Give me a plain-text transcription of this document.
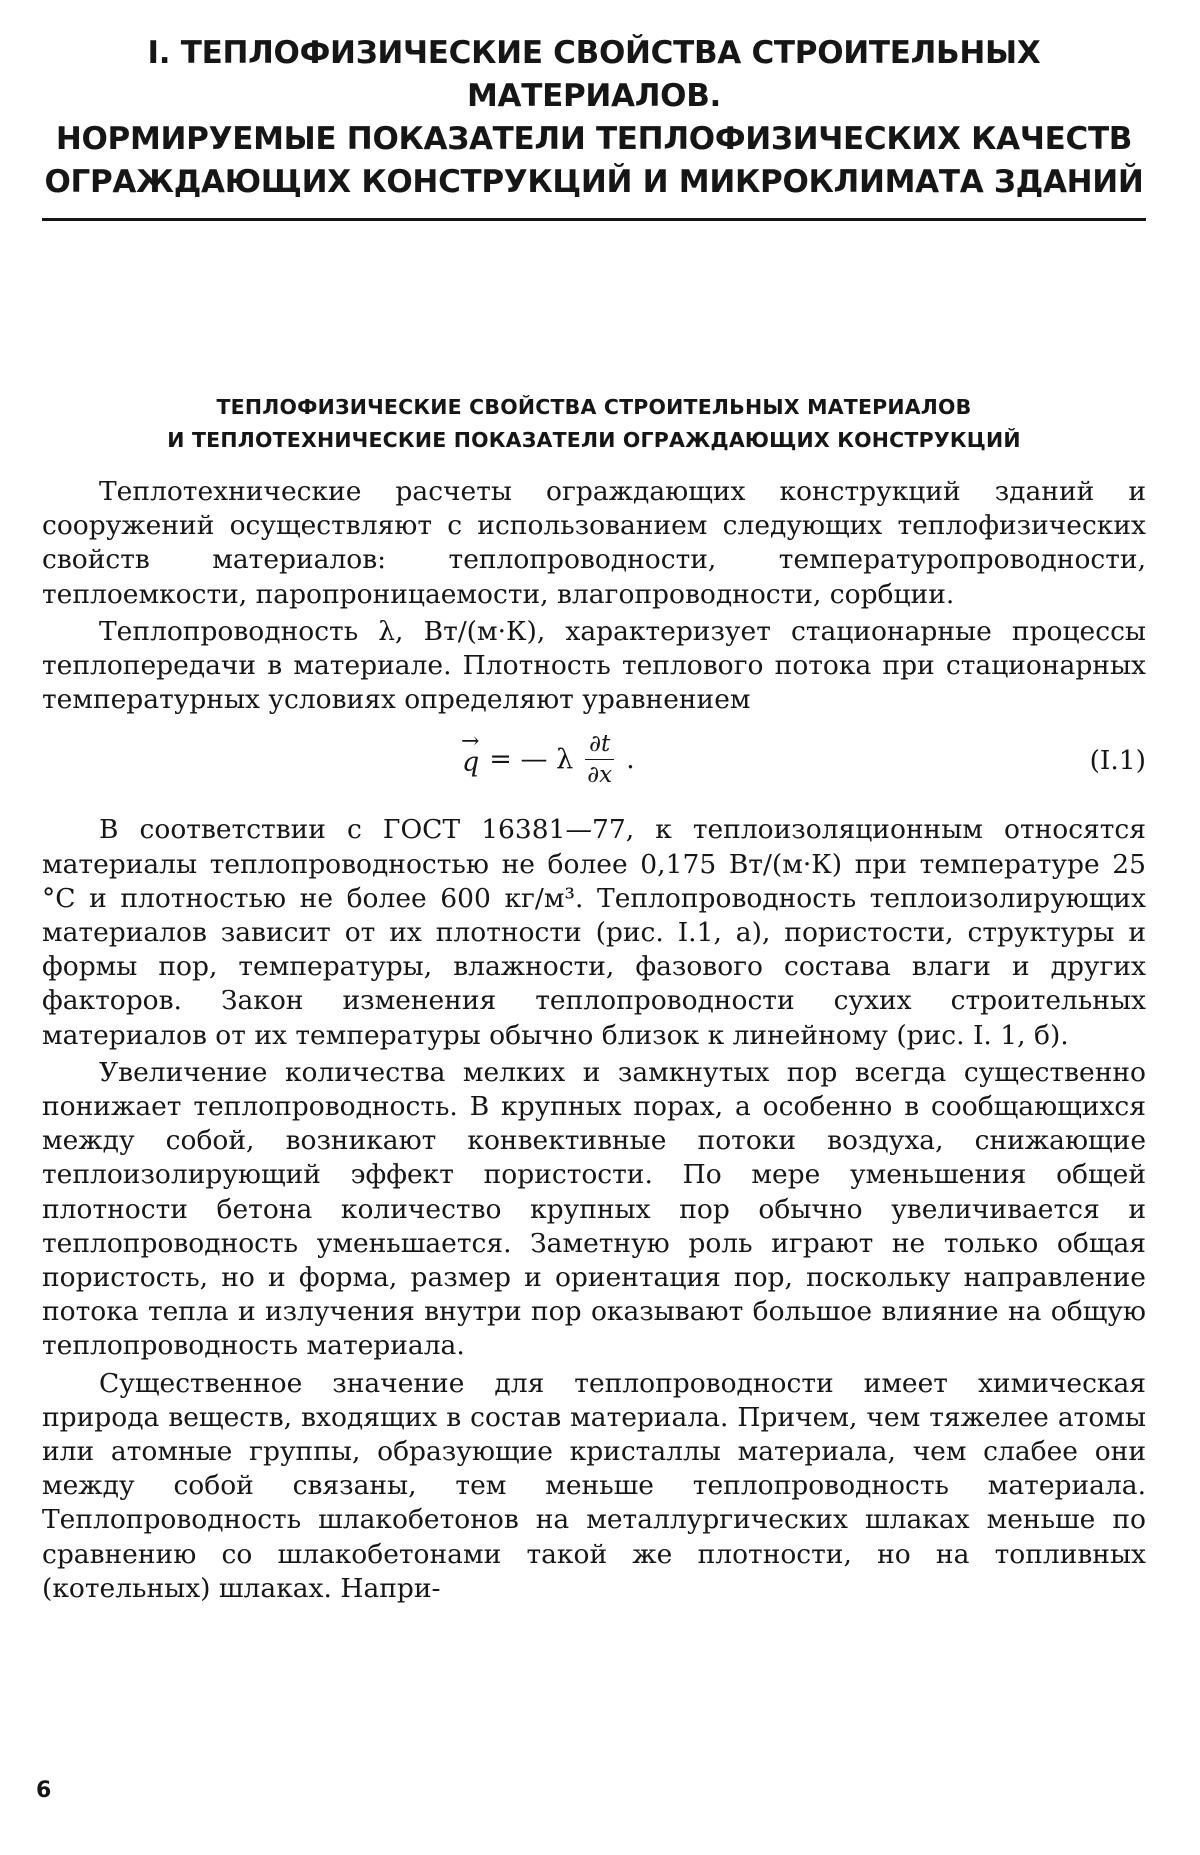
I. ТЕПЛОФИЗИЧЕСКИЕ СВОЙСТВА СТРОИТЕЛЬНЫХ МАТЕРИАЛОВ.
НОРМИРУЕМЫЕ ПОКАЗАТЕЛИ ТЕПЛОФИЗИЧЕСКИХ КАЧЕСТВ
ОГРАЖДАЮЩИХ КОНСТРУКЦИЙ И МИКРОКЛИМАТА ЗДАНИЙ
ТЕПЛОФИЗИЧЕСКИЕ СВОЙСТВА СТРОИТЕЛЬНЫХ МАТЕРИАЛОВ
И ТЕПЛОТЕХНИЧЕСКИЕ ПОКАЗАТЕЛИ ОГРАЖДАЮЩИХ КОНСТРУКЦИЙ

Теплотехнические расчеты ограждающих конструкций зданий и сооружений осуществляют с использованием следующих теплофизических свойств материалов: теплопроводности, температуропроводности, теплоемкости, паропроницаемости, влагопроводности, сорбции.

Теплопроводность λ, Вт/(м·К), характеризует стационарные процессы теплопередачи в материале. Плотность теплового потока при стационарных температурных условиях определяют уравнением

→
q = — λ $\frac{\partial t}{\partial x}$ .	(I.1)

В соответствии с ГОСТ 16381—77, к теплоизоляционным относятся материалы теплопроводностью не более 0,175 Вт/(м·К) при температуре 25 °С и плотностью не более 600 кг/м³. Теплопроводность теплоизолирующих материалов зависит от их плотности (рис. I.1, а), пористости, структуры и формы пор, температуры, влажности, фазового состава влаги и других факторов. Закон изменения теплопроводности сухих строительных материалов от их температуры обычно близок к линейному (рис. I. 1, б).

Увеличение количества мелких и замкнутых пор всегда существенно понижает теплопроводность. В крупных порах, а особенно в сообщающихся между собой, возникают конвективные потоки воздуха, снижающие теплоизолирующий эффект пористости. По мере уменьшения общей плотности бетона количество крупных пор обычно увеличивается и теплопроводность уменьшается. Заметную роль играют не только общая пористость, но и форма, размер и ориентация пор, поскольку направление потока тепла и излучения внутри пор оказывают большое влияние на общую теплопроводность материала.

Существенное значение для теплопроводности имеет химическая природа веществ, входящих в состав материала. Причем, чем тяжелее атомы или атомные группы, образующие кристаллы материала, чем слабее они между собой связаны, тем меньше теплопроводность материала. Теплопроводность шлакобетонов на металлургических шлаках меньше по сравнению со шлакобетонами такой же плотности, но на топливных (котельных) шлаках. Напри-

6
